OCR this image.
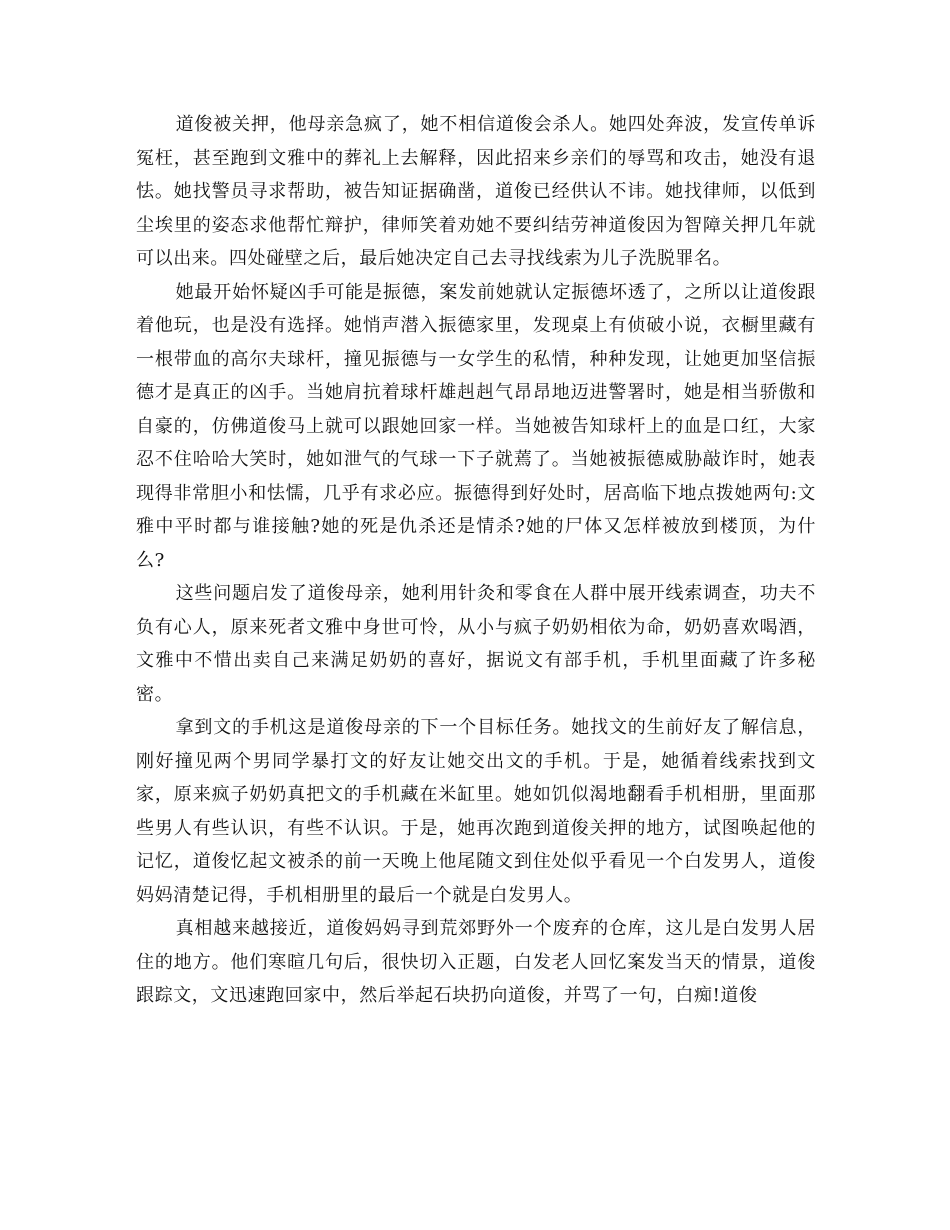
道俊被关押，他母亲急疯了，她不相信道俊会杀人。她四处奔波，发宣传单诉冤枉，甚至跑到文雅中的葬礼上去解释，因此招来乡亲们的辱骂和攻击，她没有退怯。她找警员寻求帮助，被告知证据确凿，道俊已经供认不讳。她找律师，以低到尘埃里的姿态求他帮忙辩护，律师笑着劝她不要纠结劳神道俊因为智障关押几年就可以出来。四处碰壁之后，最后她决定自己去寻找线索为儿子洗脱罪名。

她最开始怀疑凶手可能是振德，案发前她就认定振德坏透了，之所以让道俊跟着他玩，也是没有选择。她悄声潜入振德家里，发现桌上有侦破小说，衣橱里藏有一根带血的高尔夫球杆，撞见振德与一女学生的私情，种种发现，让她更加坚信振德才是真正的凶手。当她肩抗着球杆雄赳赳气昂昂地迈进警署时，她是相当骄傲和自豪的，仿佛道俊马上就可以跟她回家一样。当她被告知球杆上的血是口红，大家忍不住哈哈大笑时，她如泄气的气球一下子就蔫了。当她被振德威胁敲诈时，她表现得非常胆小和怯懦，几乎有求必应。振德得到好处时，居高临下地点拨她两句:文雅中平时都与谁接触?她的死是仇杀还是情杀?她的尸体又怎样被放到楼顶，为什么?

这些问题启发了道俊母亲，她利用针灸和零食在人群中展开线索调查，功夫不负有心人，原来死者文雅中身世可怜，从小与疯子奶奶相依为命，奶奶喜欢喝酒，文雅中不惜出卖自己来满足奶奶的喜好，据说文有部手机，手机里面藏了许多秘密。

拿到文的手机这是道俊母亲的下一个目标任务。她找文的生前好友了解信息，刚好撞见两个男同学暴打文的好友让她交出文的手机。于是，她循着线索找到文家，原来疯子奶奶真把文的手机藏在米缸里。她如饥似渴地翻看手机相册，里面那些男人有些认识，有些不认识。于是，她再次跑到道俊关押的地方，试图唤起他的记忆，道俊忆起文被杀的前一天晚上他尾随文到住处似乎看见一个白发男人，道俊妈妈清楚记得，手机相册里的最后一个就是白发男人。

真相越来越接近，道俊妈妈寻到荒郊野外一个废弃的仓库，这儿是白发男人居住的地方。他们寒暄几句后，很快切入正题，白发老人回忆案发当天的情景，道俊跟踪文，文迅速跑回家中，然后举起石块扔向道俊，并骂了一句，白痴!道俊
